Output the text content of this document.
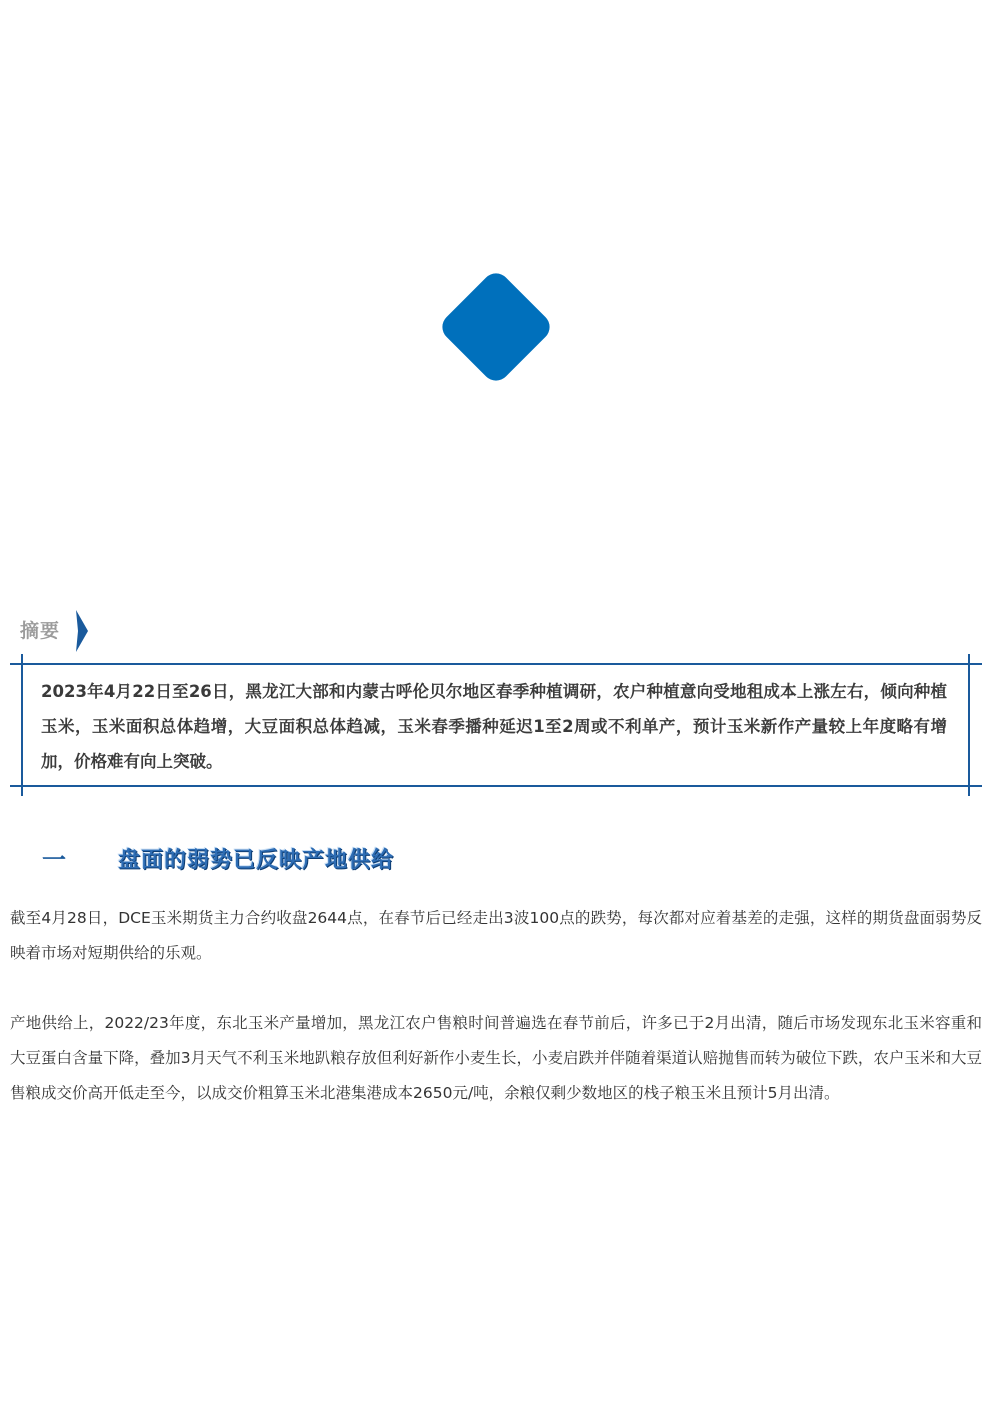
摘要

2023年4月22日至26日，黑龙江大部和内蒙古呼伦贝尔地区春季种植调研，农户种植意向受地租成本上涨左右，倾向种植玉米，玉米面积总体趋增，大豆面积总体趋减，玉米春季播种延迟1至2周或不利单产，预计玉米新作产量较上年度略有增加，价格难有向上突破。

一 盘面的弱势已反映产地供给

截至4月28日，DCE玉米期货主力合约收盘2644点，在春节后已经走出3波100点的跌势，每次都对应着基差的走强，这样的期货盘面弱势反映着市场对短期供给的乐观。

产地供给上，2022/23年度，东北玉米产量增加，黑龙江农户售粮时间普遍选在春节前后，许多已于2月出清，随后市场发现东北玉米容重和大豆蛋白含量下降，叠加3月天气不利玉米地趴粮存放但利好新作小麦生长，小麦启跌并伴随着渠道认赔抛售而转为破位下跌，农户玉米和大豆售粮成交价高开低走至今，以成交价粗算玉米北港集港成本2650元/吨，余粮仅剩少数地区的栈子粮玉米且预计5月出清。
